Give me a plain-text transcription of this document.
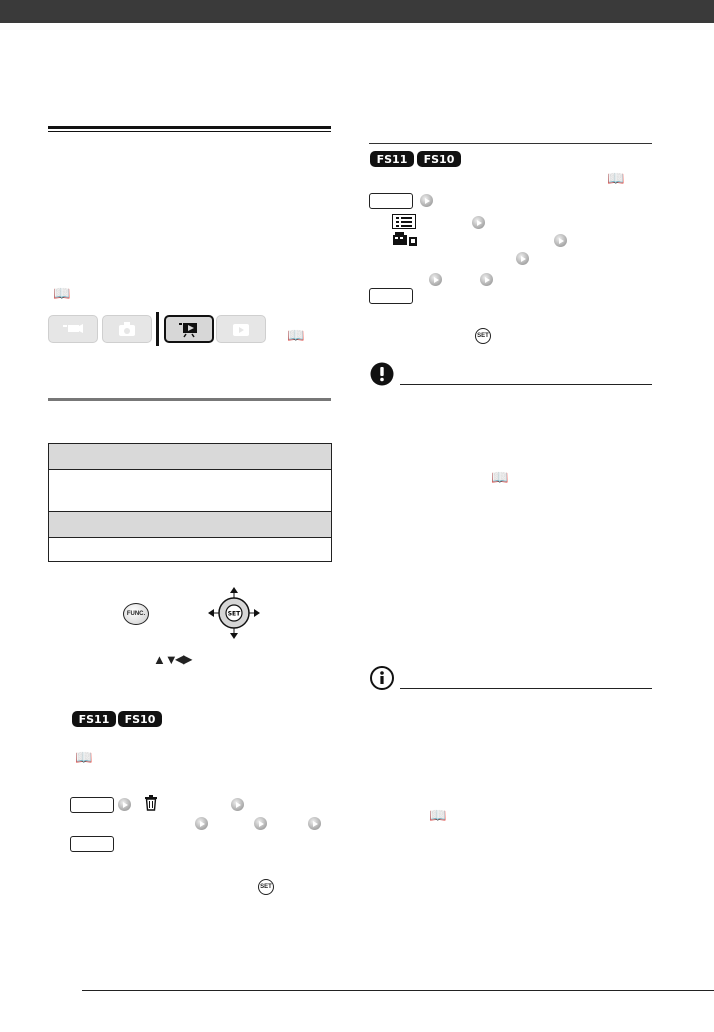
📖
📖
FUNC.	SET
▲▼
◀▶
FS11 FS10
📖
SET
FS11 FS10
📖
SET
📖
📖
